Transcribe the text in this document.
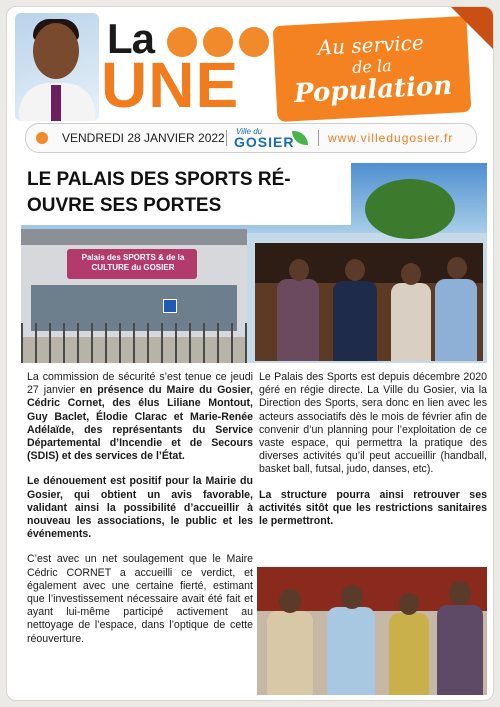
La
UNE
Au service
de la
Population
VENDREDI 28 JANVIER 2022 Ville du
GOSIER	www.villedugosier.fr
LE PALAIS DES SPORTS RÉ-OUVRE SES PORTES
Palais des SPORTS & de la CULTURE du GOSIER

La commission de sécurité s’est tenue ce jeudi 27 janvier en présence du Maire du Gosier, Cédric Cornet, des élus Liliane Montout, Guy Baclet, Élodie Clarac et Marie-Renée Adélaïde, des représentants du Service Départemental d’Incendie et de Secours (SDIS) et des services de l’État.

Le dénouement est positif pour la Mairie du Gosier, qui obtient un avis favorable, validant ainsi la possibilité d’accueillir à nouveau les associations, le public et les événements.

C’est avec un net soulagement que le Maire Cédric CORNET a accueilli ce verdict, et également avec une certaine fierté, estimant que l’investissement nécessaire avait été fait et ayant lui-même participé activement au nettoyage de l’espace, dans l’optique de cette réouverture.

Le Palais des Sports est depuis décembre 2020 géré en régie directe. La Ville du Gosier, via la Direction des Sports, sera donc en lien avec les acteurs associatifs dès le mois de février afin de convenir d’un planning pour l’exploitation de ce vaste espace, qui permettra la pratique des diverses activités qu’il peut accueillir (handball, basket ball, futsal, judo, danses, etc).

La structure pourra ainsi retrouver ses activités sitôt que les restrictions sanitaires le permettront.
